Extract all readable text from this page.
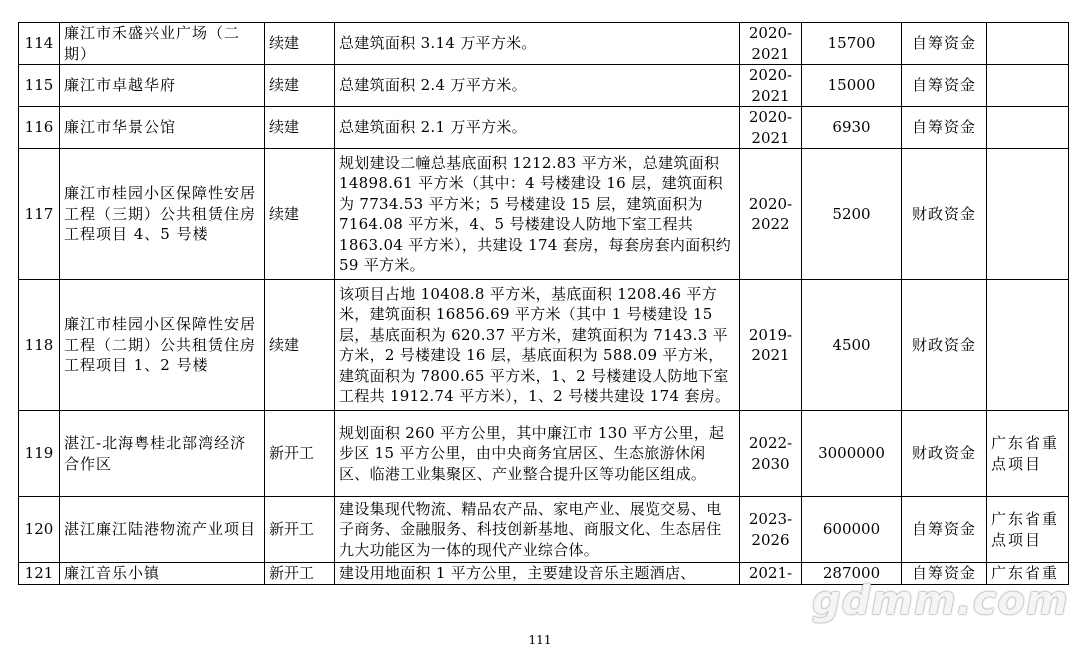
114	廉江市禾盛兴业广场（二期）	续建	总建筑面积 3.14 万平方米。	2020-2021	15700	自筹资金	
115	廉江市卓越华府	续建	总建筑面积 2.4 万平方米。	2020-2021	15000	自筹资金	
116	廉江市华景公馆	续建	总建筑面积 2.1 万平方米。	2020-2021	6930	自筹资金	
117	廉江市桂园小区保障性安居工程（三期）公共租赁住房工程项目 4、5 号楼	续建	规划建设二幢总基底面积 1212.83 平方米，总建筑面积 14898.61 平方米（其中：4 号楼建设 16 层，建筑面积为 7734.53 平方米；5 号楼建设 15 层，建筑面积为 7164.08 平方米，4、5 号楼建设人防地下室工程共 1863.04 平方米），共建设 174 套房，每套房套内面积约 59 平方米。	2020-2022	5200	财政资金	
118	廉江市桂园小区保障性安居工程（二期）公共租赁住房工程项目 1、2 号楼	续建	该项目占地 10408.8 平方米，基底面积 1208.46 平方米，建筑面积 16856.69 平方米（其中 1 号楼建设 15 层，基底面积为 620.37 平方米，建筑面积为 7143.3 平方米，2 号楼建设 16 层，基底面积为 588.09 平方米，建筑面积为 7800.65 平方米，1、2 号楼建设人防地下室工程共 1912.74 平方米），1、2 号楼共建设 174 套房。	2019-2021	4500	财政资金	
119	湛江-北海粤桂北部湾经济合作区	新开工	规划面积 260 平方公里，其中廉江市 130 平方公里，起步区 15 平方公里，由中央商务宜居区、生态旅游休闲区、临港工业集聚区、产业整合提升区等功能区组成。	2022-2030	3000000	财政资金	广东省重点项目
120	湛江廉江陆港物流产业项目	新开工	建设集现代物流、精品农产品、家电产业、展览交易、电子商务、金融服务、科技创新基地、商服文化、生态居住九大功能区为一体的现代产业综合体。	2023-2026	600000	自筹资金	广东省重点项目
121	廉江音乐小镇	新开工	建设用地面积 1 平方公里，主要建设音乐主题酒店、	2021-	287000	自筹资金	广东省重
gdmm.com
111
